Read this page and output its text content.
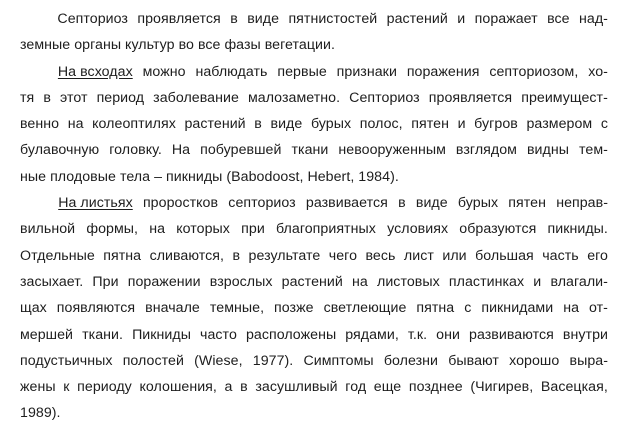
Септориоз проявляется в виде пятнистостей растений и поражает все над-
земные органы культур во все фазы вегетации.

На всходах можно наблюдать первые признаки поражения септориозом, хо-
тя в этот период заболевание малозаметно. Септориоз проявляется преимущест-
венно на колеоптилях растений в виде бурых полос, пятен и бугров размером с
булавочную головку. На побуревшей ткани невооруженным взглядом видны тем-
ные плодовые тела – пикниды (Babodoost, Hebert, 1984).

На листьях проростков септориоз развивается в виде бурых пятен неправ-
вильной формы, на которых при благоприятных условиях образуются пикниды.
Отдельные пятна сливаются, в результате чего весь лист или большая часть его
засыхает. При поражении взрослых растений на листовых пластинках и влагали-
щах появляются вначале темные, позже светлеющие пятна с пикнидами на от-
мершей ткани. Пикниды часто расположены рядами, т.к. они развиваются внутри
подустьичных полостей (Wiese, 1977). Симптомы болезни бывают хорошо выра-
жены к периоду колошения, а в засушливый год еще позднее (Чигирев, Васецкая,
1989).
